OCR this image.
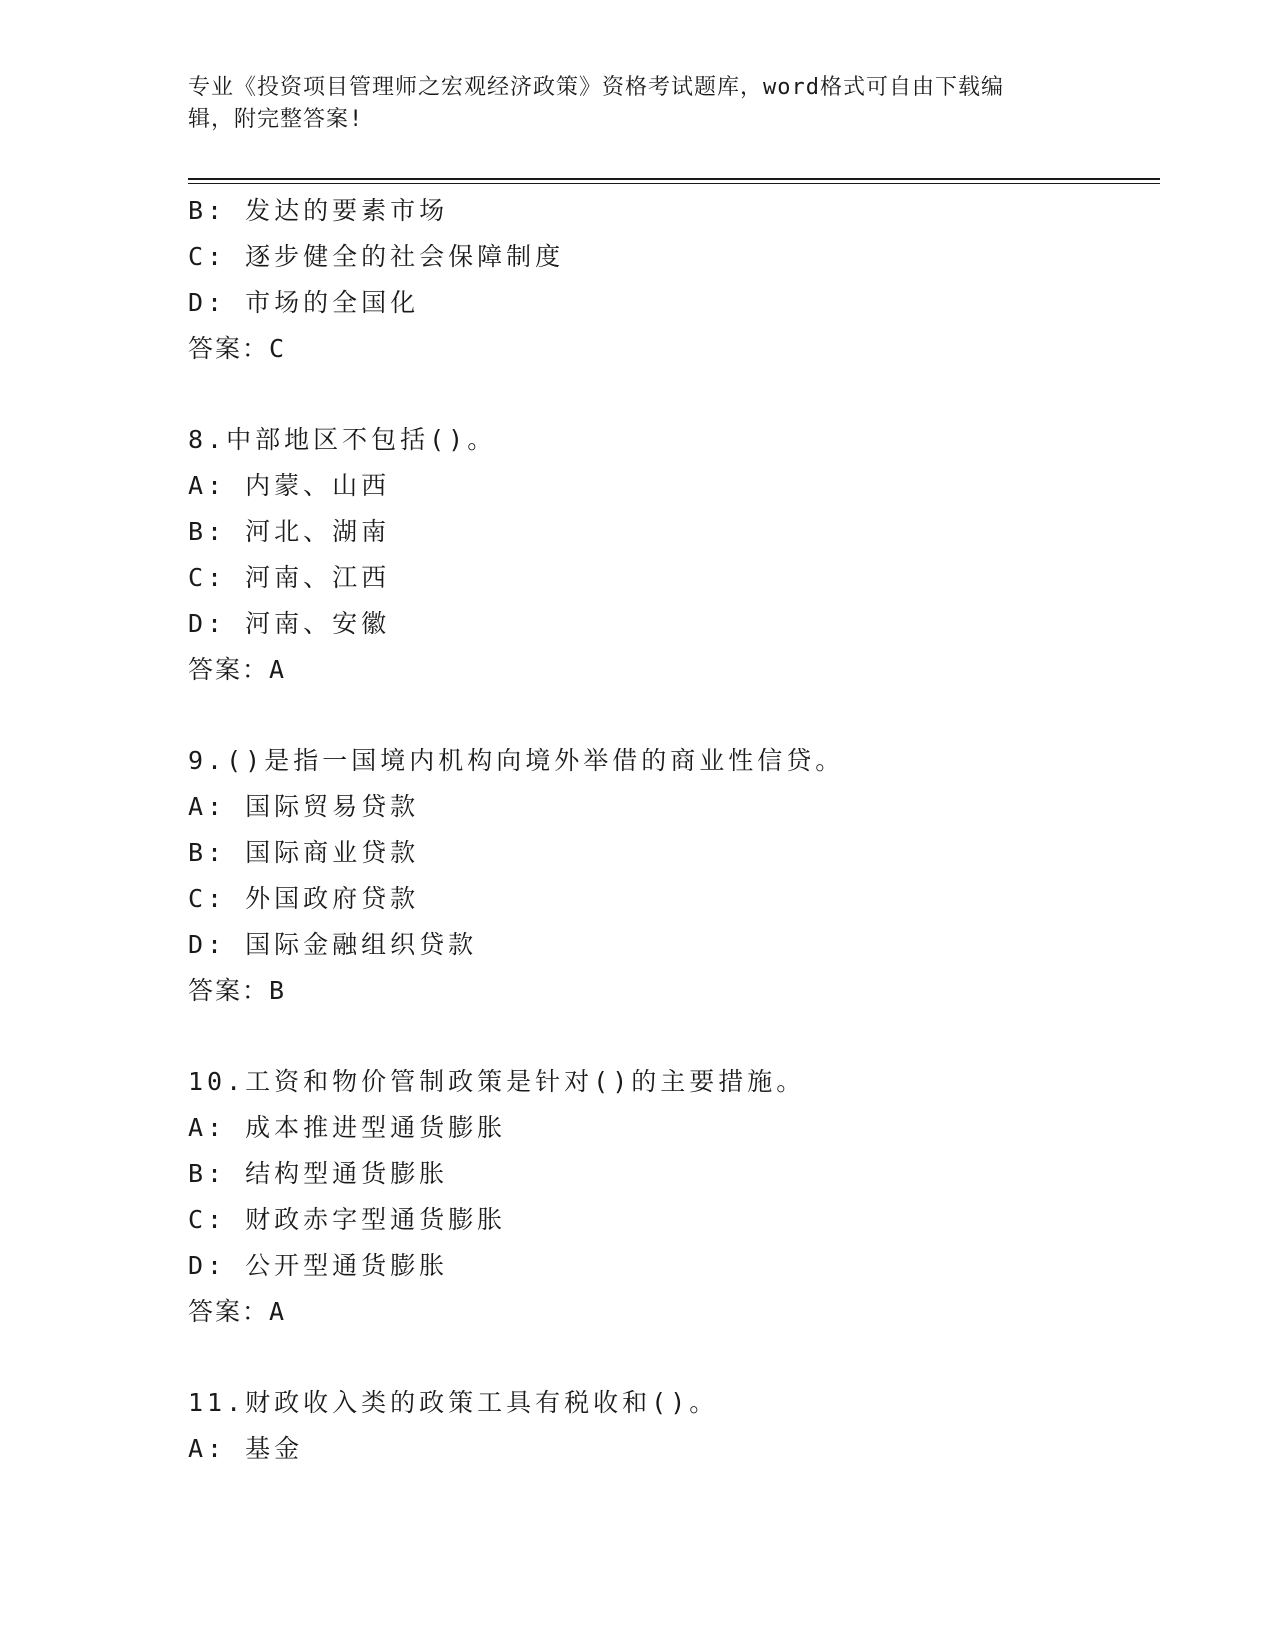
专业《投资项目管理师之宏观经济政策》资格考试题库，word格式可自由下载编
辑，附完整答案!
B: 发达的要素市场
C: 逐步健全的社会保障制度
D: 市场的全国化
答案：C
8.中部地区不包括()。
A: 内蒙、山西
B: 河北、湖南
C: 河南、江西
D: 河南、安徽
答案：A
9.()是指一国境内机构向境外举借的商业性信贷。
A: 国际贸易贷款
B: 国际商业贷款
C: 外国政府贷款
D: 国际金融组织贷款
答案：B
10.工资和物价管制政策是针对()的主要措施。
A: 成本推进型通货膨胀
B: 结构型通货膨胀
C: 财政赤字型通货膨胀
D: 公开型通货膨胀
答案：A
11.财政收入类的政策工具有税收和()。
A: 基金
